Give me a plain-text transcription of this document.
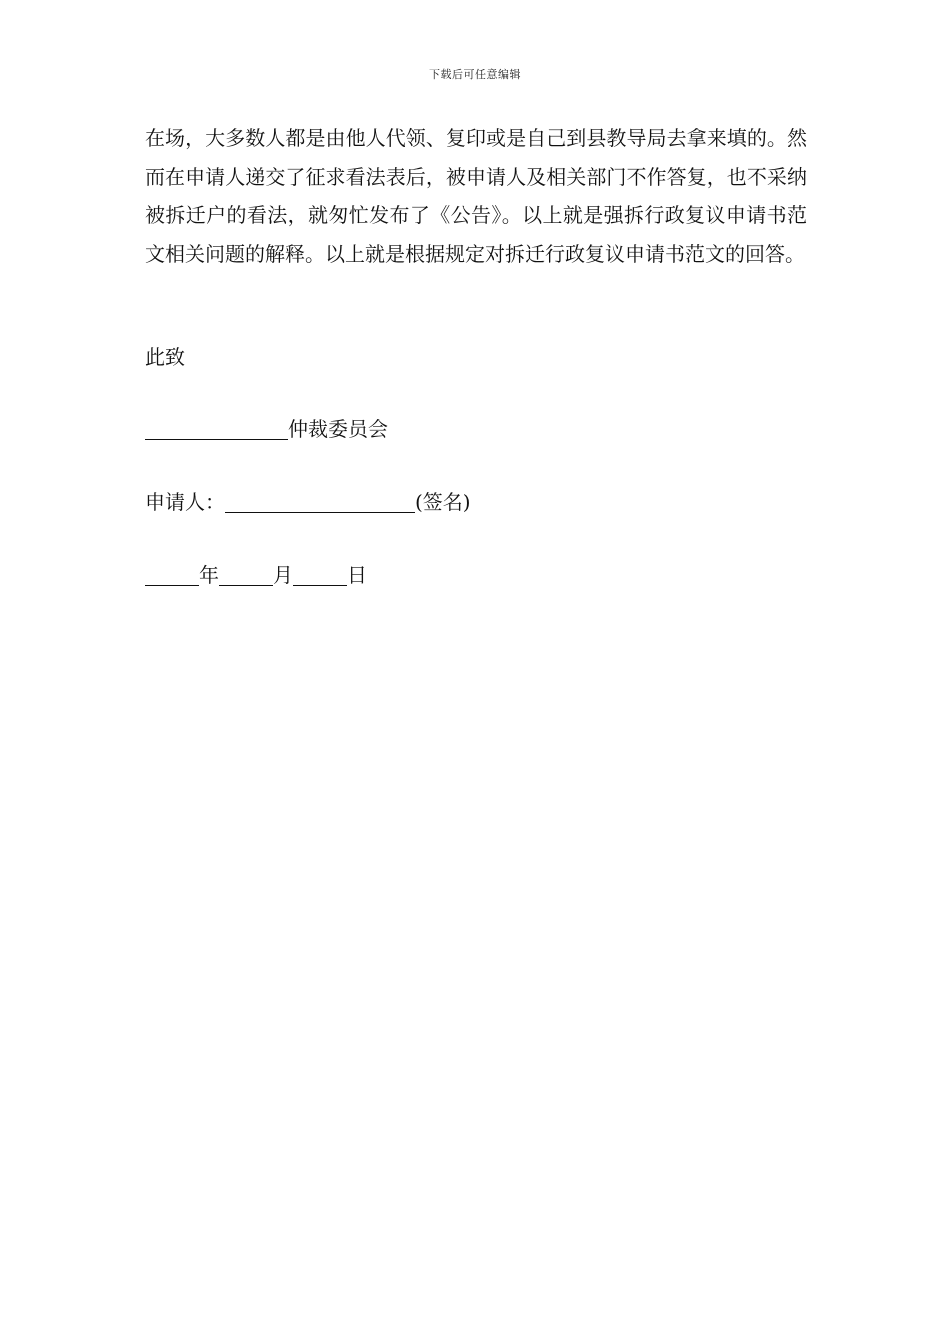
下载后可任意编辑

在场，大多数人都是由他人代领、复印或是自己到县教导局去拿来填的。然而在申请人递交了征求看法表后，被申请人及相关部门不作答复，也不采纳被拆迁户的看法，就匆忙发布了《公告》。以上就是强拆行政复议申请书范文相关问题的解释。以上就是根据规定对拆迁行政复议申请书范文的回答。

此致
仲裁委员会
申请人：	(签名)
年	月	日
